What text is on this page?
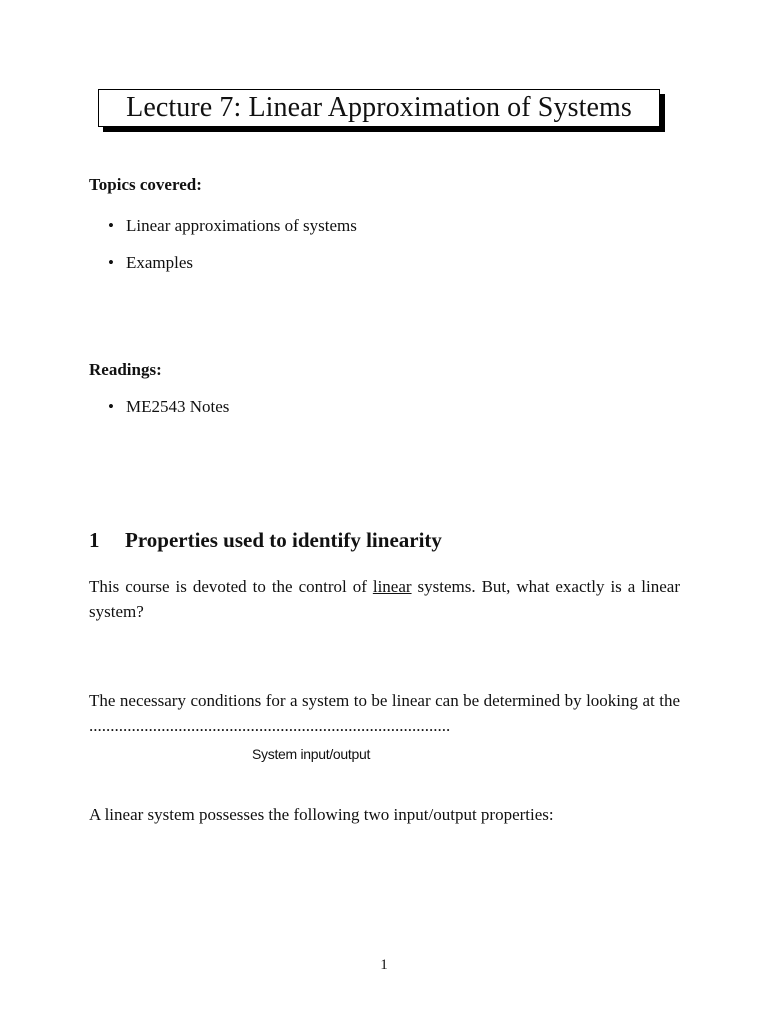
Lecture 7: Linear Approximation of Systems
Topics covered:
• Linear approximations of systems
• Examples
Readings:
• ME2543 Notes
1 Properties used to identify linearity

This course is devoted to the control of linear systems. But, what exactly is a linear system?

The necessary conditions for a system to be linear can be determined by looking at the .....................................................................................

System input/output

A linear system possesses the following two input/output properties:

1
